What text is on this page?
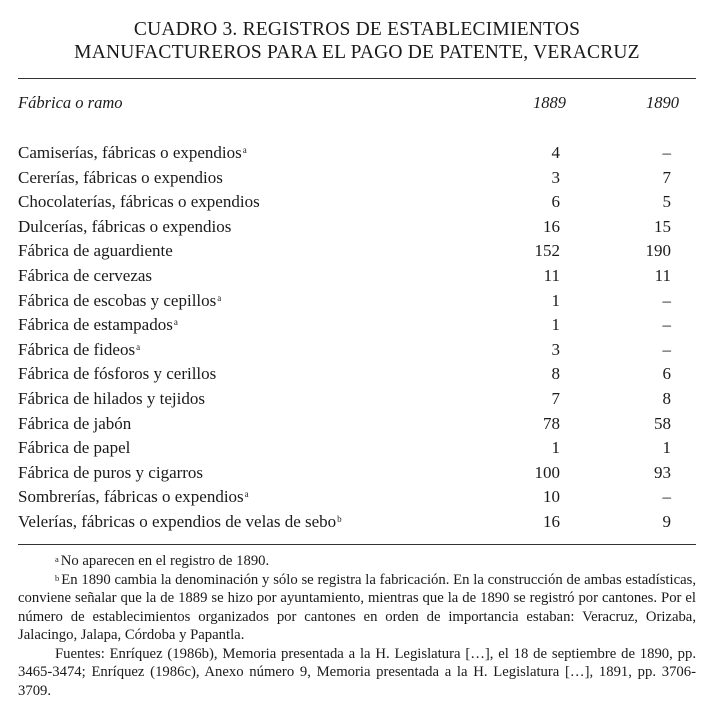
CUADRO 3. REGISTROS DE ESTABLECIMIENTOS
MANUFACTUREROS PARA EL PAGO DE PATENTE, VERACRUZ
Fábrica o ramo	1889	1890
Camiserías, fábricas o expendios$^a$	4	–
Cererías, fábricas o expendios	3	7
Chocolaterías, fábricas o expendios	6	5
Dulcerías, fábricas o expendios	16	15
Fábrica de aguardiente	152	190
Fábrica de cervezas	11	11
Fábrica de escobas y cepillos$^a$	1	–
Fábrica de estampados$^a$	1	–
Fábrica de fideos$^a$	3	–
Fábrica de fósforos y cerillos	8	6
Fábrica de hilados y tejidos	7	8
Fábrica de jabón	78	58
Fábrica de papel	1	1
Fábrica de puros y cigarros	100	93
Sombrerías, fábricas o expendios$^a$	10	–
Velerías, fábricas o expendios de velas de sebo$^b$	16	9

$^a$ No aparecen en el registro de 1890.

$^b$ En 1890 cambia la denominación y sólo se registra la fabricación. En la construcción de ambas estadísticas, conviene señalar que la de 1889 se hizo por ayuntamiento, mientras que la de 1890 se registró por cantones. Por el número de establecimientos organizados por cantones en orden de importancia estaban: Veracruz, Orizaba, Jalacingo, Jalapa, Córdoba y Papantla.

Fuentes: Enríquez (1986b), Memoria presentada a la H. Legislatura […], el 18 de septiembre de 1890, pp. 3465-3474; Enríquez (1986c), Anexo número 9, Memoria presentada a la H. Legislatura […], 1891, pp. 3706-3709.
